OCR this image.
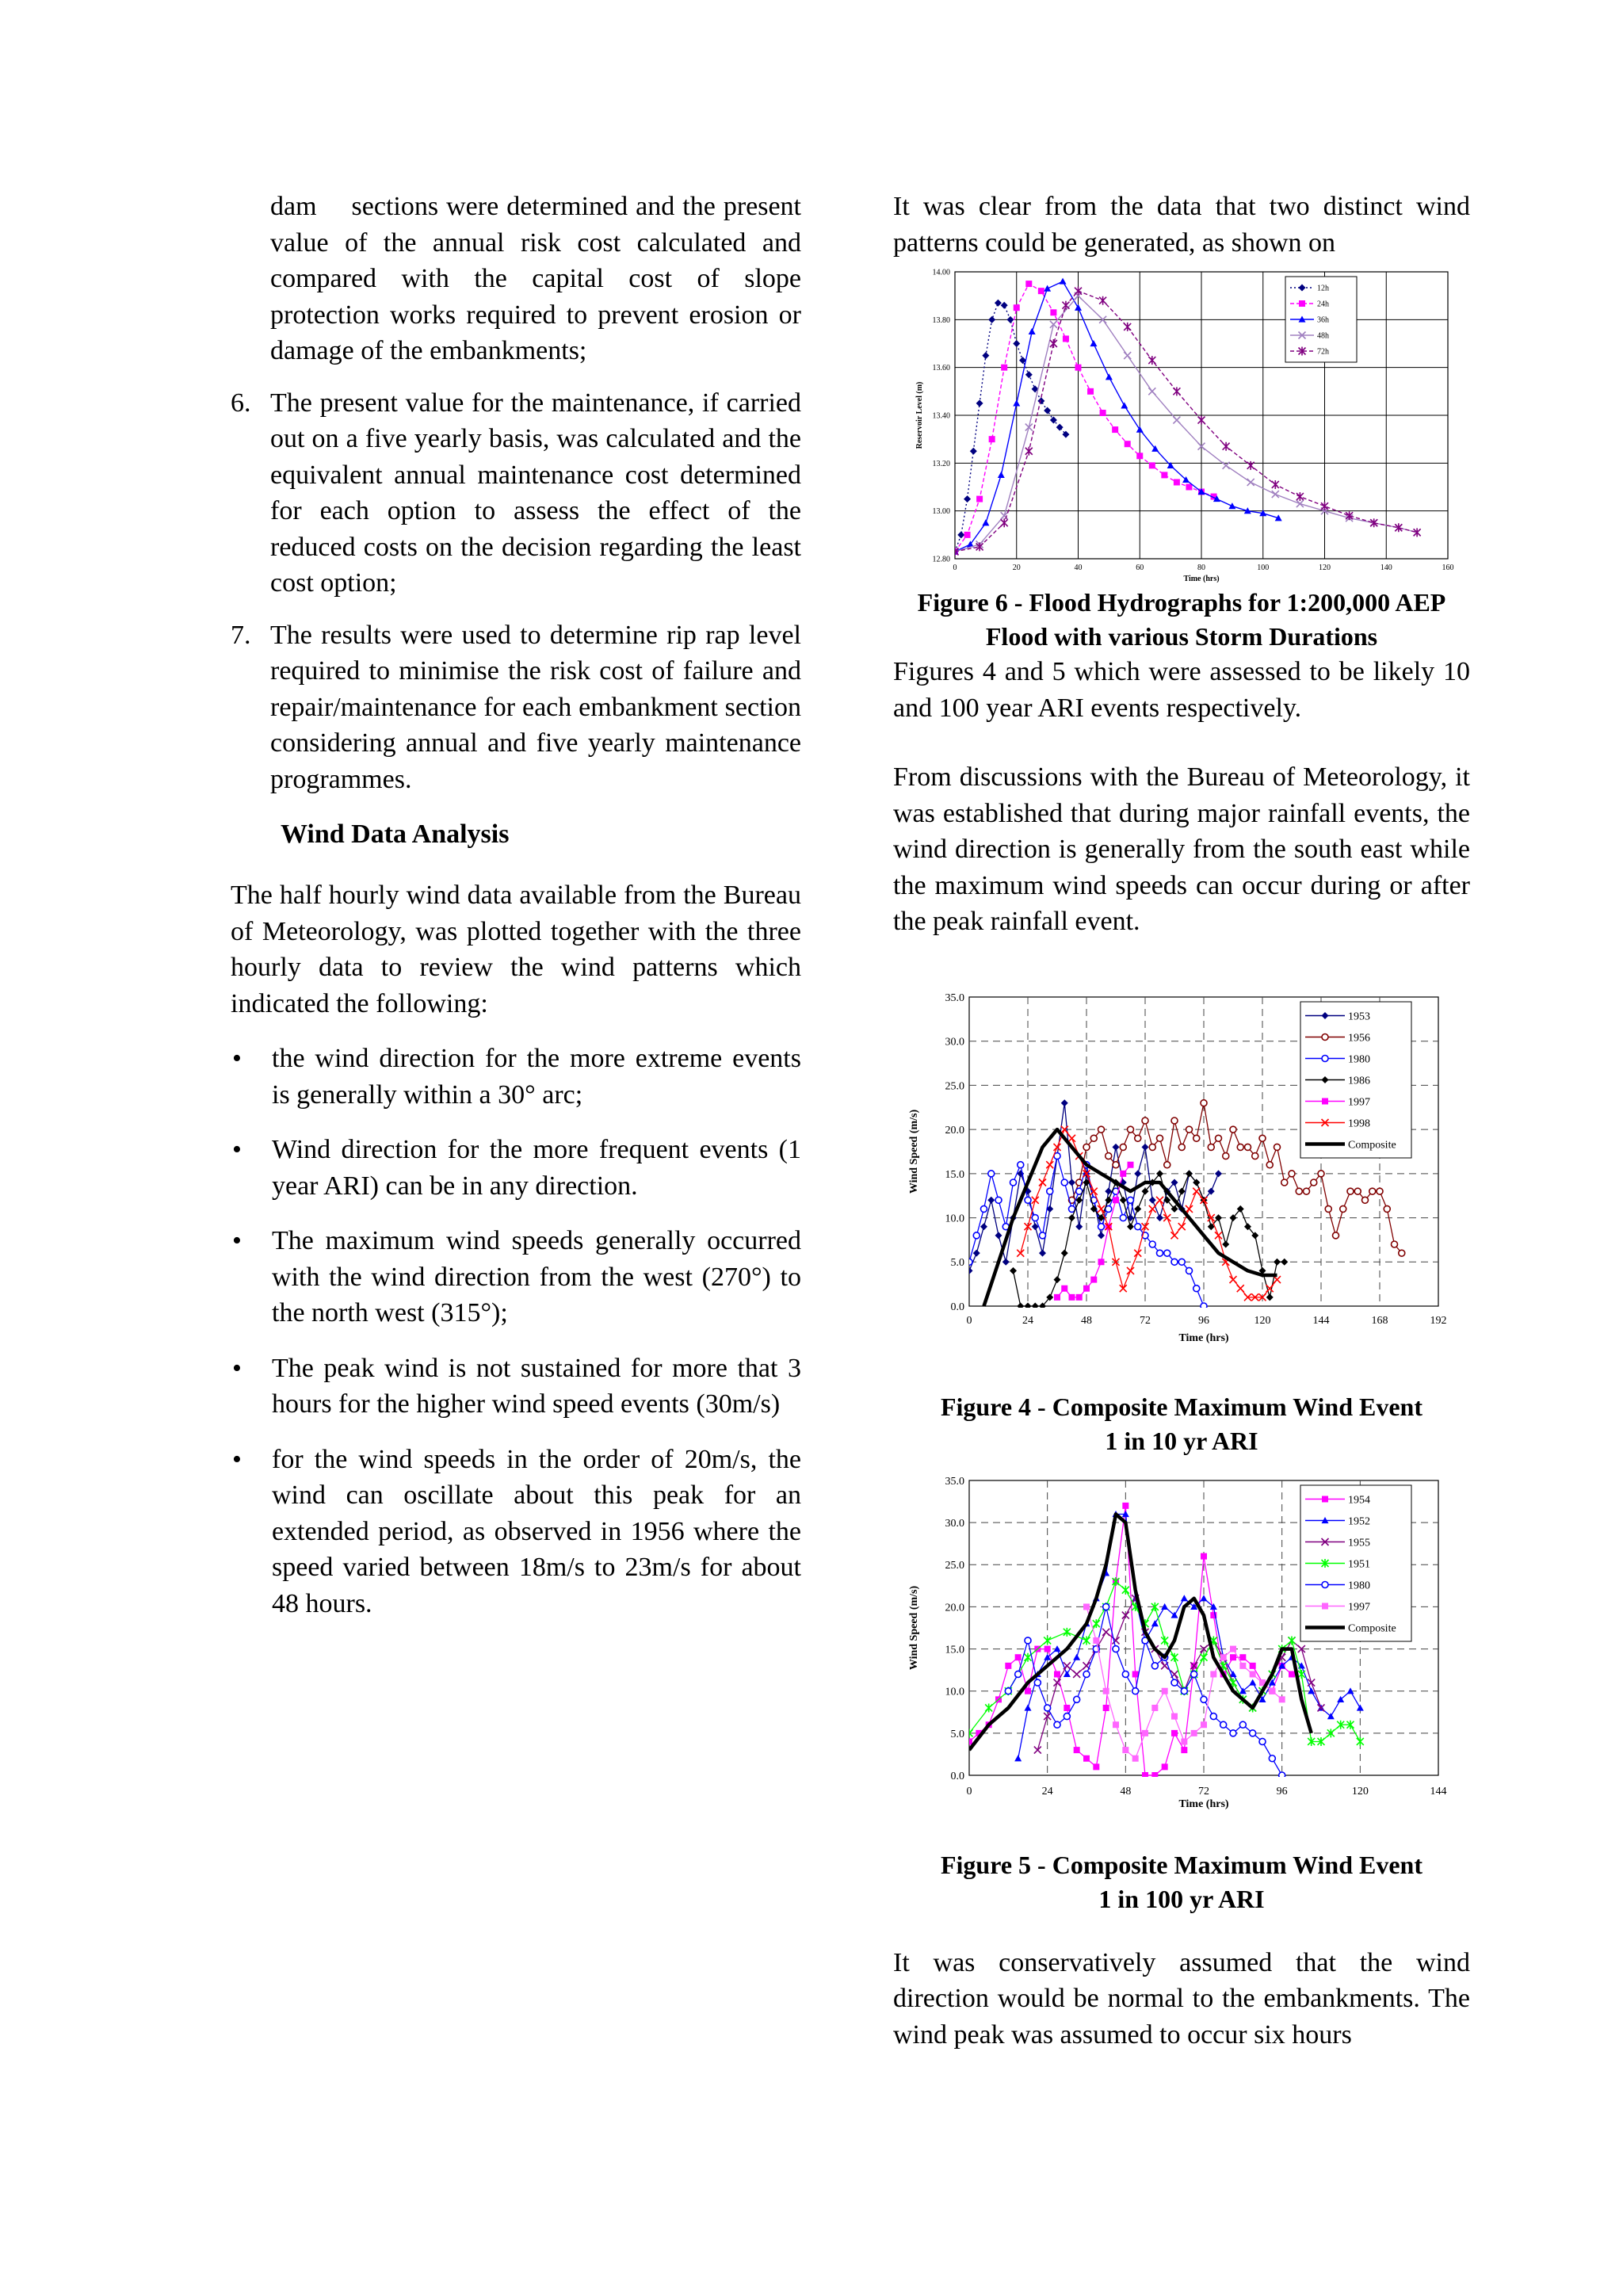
dam  sections were determined and the present value of the annual risk cost calculated and compared with the capital cost of slope protection works required to prevent erosion or damage of the embankments;

6. The present value for the maintenance, if carried out on a five yearly basis, was calculated and the equivalent annual maintenance cost determined for each option to assess the effect of the reduced costs on the decision regarding the least cost option;
7. The results were used to determine rip rap level required to minimise the risk cost of failure and repair/maintenance for each embankment section considering annual and five yearly maintenance programmes.
Wind Data Analysis

The half hourly wind data available from the Bureau of Meteorology, was plotted together with the three hourly data to review the wind patterns which indicated the following:

•	the wind direction for the more extreme events is generally within a 30° arc;
•	Wind direction for the more frequent events (1 year ARI) can be in any direction.
•	The maximum wind speeds generally occurred with the wind direction from the west (270°) to the north west (315°);
•	The peak wind is not sustained for more that 3 hours for the higher wind speed events (30m/s)
•	for the wind speeds in the order of 20m/s, the wind can oscillate about this peak for an extended period, as observed in 1956 where the speed varied between 18m/s to 23m/s for about 48 hours.

It was clear from the data that two distinct wind patterns could be generated, as shown on

0	20	40	60	80	100	120	140	160
12.80
13.00
13.20
13.40
13.60
13.80
14.00
Time (hrs)
Reservoir Level (m)
12h
24h
36h
48h
72h
Figure 6 - Flood Hydrographs for 1:200,000 AEP
Flood with various Storm Durations

Figures 4 and 5 which were assessed to be likely 10 and 100 year ARI events respectively.

From discussions with the Bureau of Meteorology, it was established that during major rainfall events, the wind direction is generally from the south east while the maximum wind speeds can occur during or after the peak rainfall event.

0	24	48	72	96	120	144	168	192
0.0
5.0
10.0
15.0
20.0
25.0
30.0
35.0
Time (hrs)
Wind Speed (m/s)
1953
1956
1980
1986
1997
1998
Composite
Figure 4 - Composite Maximum Wind Event
1 in 10 yr ARI
0	24	48	72	96	120	144
0.0
5.0
10.0
15.0
20.0
25.0
30.0
35.0
Time (hrs)
Wind Speed (m/s)
1954
1952
1955
1951
1980
1997
Composite
Figure 5 - Composite Maximum Wind Event
1 in 100 yr ARI

It was conservatively assumed that the wind direction would be normal to the embankments. The wind peak was assumed to occur six hours
